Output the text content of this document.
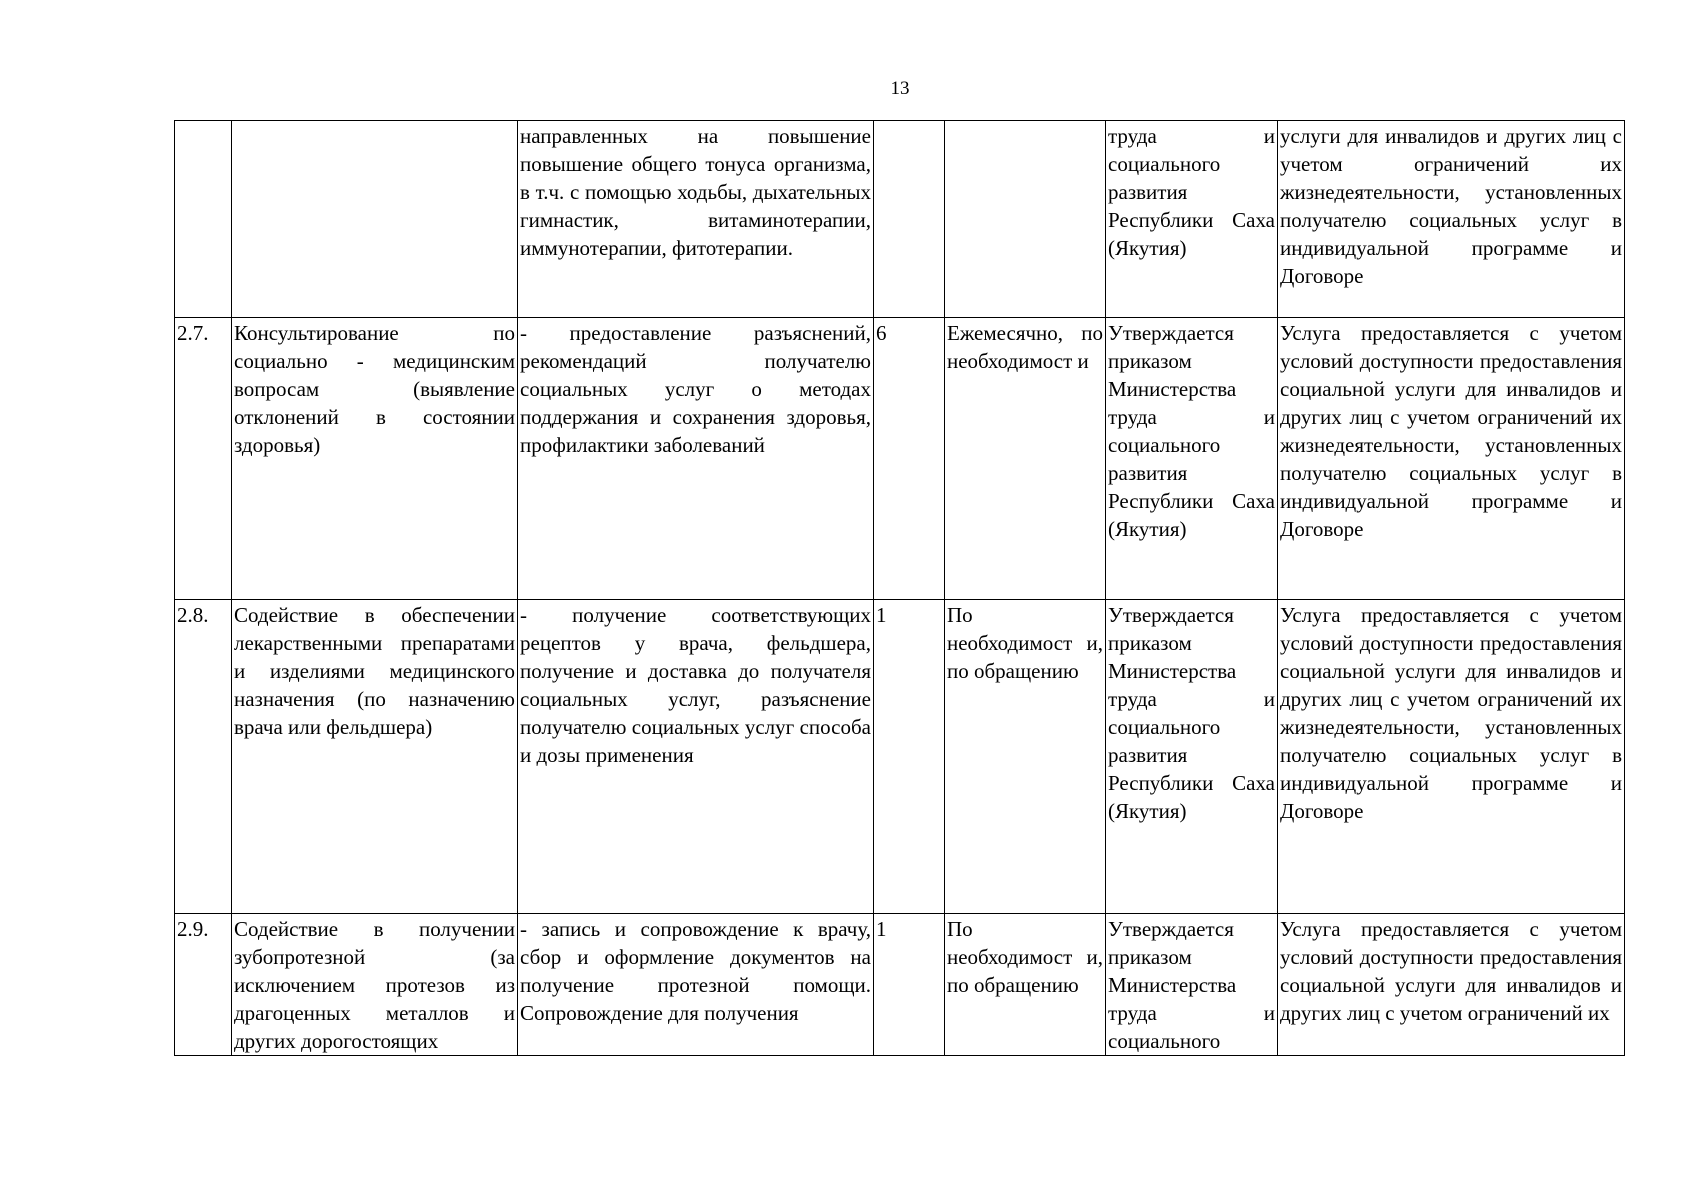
13

		направленных на повышение повышение общего тонуса организма, в т.ч. с помощью ходьбы, дыхательных гимнастик, витаминотерапии, иммунотерапии, фитотерапии.			труда и социального развития Республики Саха (Якутия)	услуги для инвалидов и других лиц с учетом ограничений их жизнедеятельности, установленных получателю социальных услуг в индивидуальной программе и Договоре

2.7.	Консультирование по социально - медицинским вопросам (выявление отклонений в состоянии здоровья)	- предоставление разъяснений, рекомендаций получателю социальных услуг о методах поддержания и сохранения здоровья, профилактики заболеваний	6	Ежемесячно, по необходимост и	Утверждается приказом Министерства труда и социального развития Республики Саха (Якутия)	Услуга предоставляется с учетом условий доступности предоставления социальной услуги для инвалидов и других лиц с учетом ограничений их жизнедеятельности, установленных получателю социальных услуг в индивидуальной программе и Договоре

2.8.	Содействие в обеспечении лекарственными препаратами и изделиями медицинского назначения (по назначению врача или фельдшера)	- получение соответствующих рецептов у врача, фельдшера, получение и доставка до получателя социальных услуг, разъяснение получателю социальных услуг способа и дозы применения	1	По необходимост и, по обращению	Утверждается приказом Министерства труда и социального развития Республики Саха (Якутия)	Услуга предоставляется с учетом условий доступности предоставления социальной услуги для инвалидов и других лиц с учетом ограничений их жизнедеятельности, установленных получателю социальных услуг в индивидуальной программе и Договоре

2.9.	Содействие в получении зубопротезной (за исключением протезов из драгоценных металлов и других дорогостоящих	- запись и сопровождение к врачу, сбор и оформление документов на получение протезной помощи. Сопровождение для получения	1	По необходимост и, по обращению	Утверждается приказом Министерства труда и социального	Услуга предоставляется с учетом условий доступности предоставления социальной услуги для инвалидов и других лиц с учетом ограничений их
